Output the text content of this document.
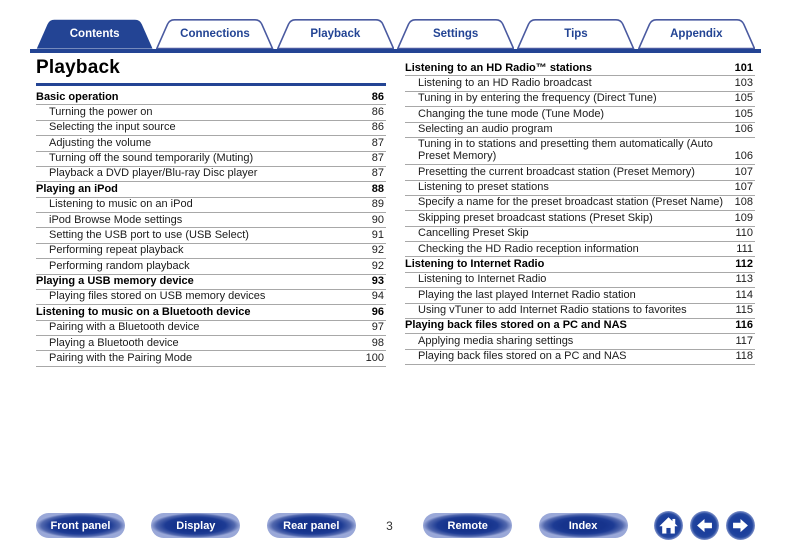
Contents	Connections	Playback	Settings	Tips	Appendix
Playback
Basic operation	86
Turning the power on	86
Selecting the input source	86
Adjusting the volume	87
Turning off the sound temporarily (Muting)	87
Playback a DVD player/Blu-ray Disc player	87
Playing an iPod	88
Listening to music on an iPod	89
iPod Browse Mode settings	90
Setting the USB port to use (USB Select)	91
Performing repeat playback	92
Performing random playback	92
Playing a USB memory device	93
Playing files stored on USB memory devices	94
Listening to music on a Bluetooth device	96
Pairing with a Bluetooth device	97
Playing a Bluetooth device	98
Pairing with the Pairing Mode	100
Listening to an HD Radio™ stations	101
Listening to an HD Radio broadcast	103
Tuning in by entering the frequency (Direct Tune)	105
Changing the tune mode (Tune Mode)	105
Selecting an audio program	106
Tuning in to stations and presetting them automatically (Auto Preset Memory)	106
Presetting the current broadcast station (Preset Memory)	107
Listening to preset stations	107
Specify a name for the preset broadcast station (Preset Name) 108
Skipping preset broadcast stations (Preset Skip)	109
Cancelling Preset Skip	110
Checking the HD Radio reception information	111
Listening to Internet Radio	112
Listening to Internet Radio	113
Playing the last played Internet Radio station	114
Using vTuner to add Internet Radio stations to favorites	115
Playing back files stored on a PC and NAS	116
Applying media sharing settings	117
Playing back files stored on a PC and NAS	118
Front panel	Display	Rear panel	3	Remote	Index
